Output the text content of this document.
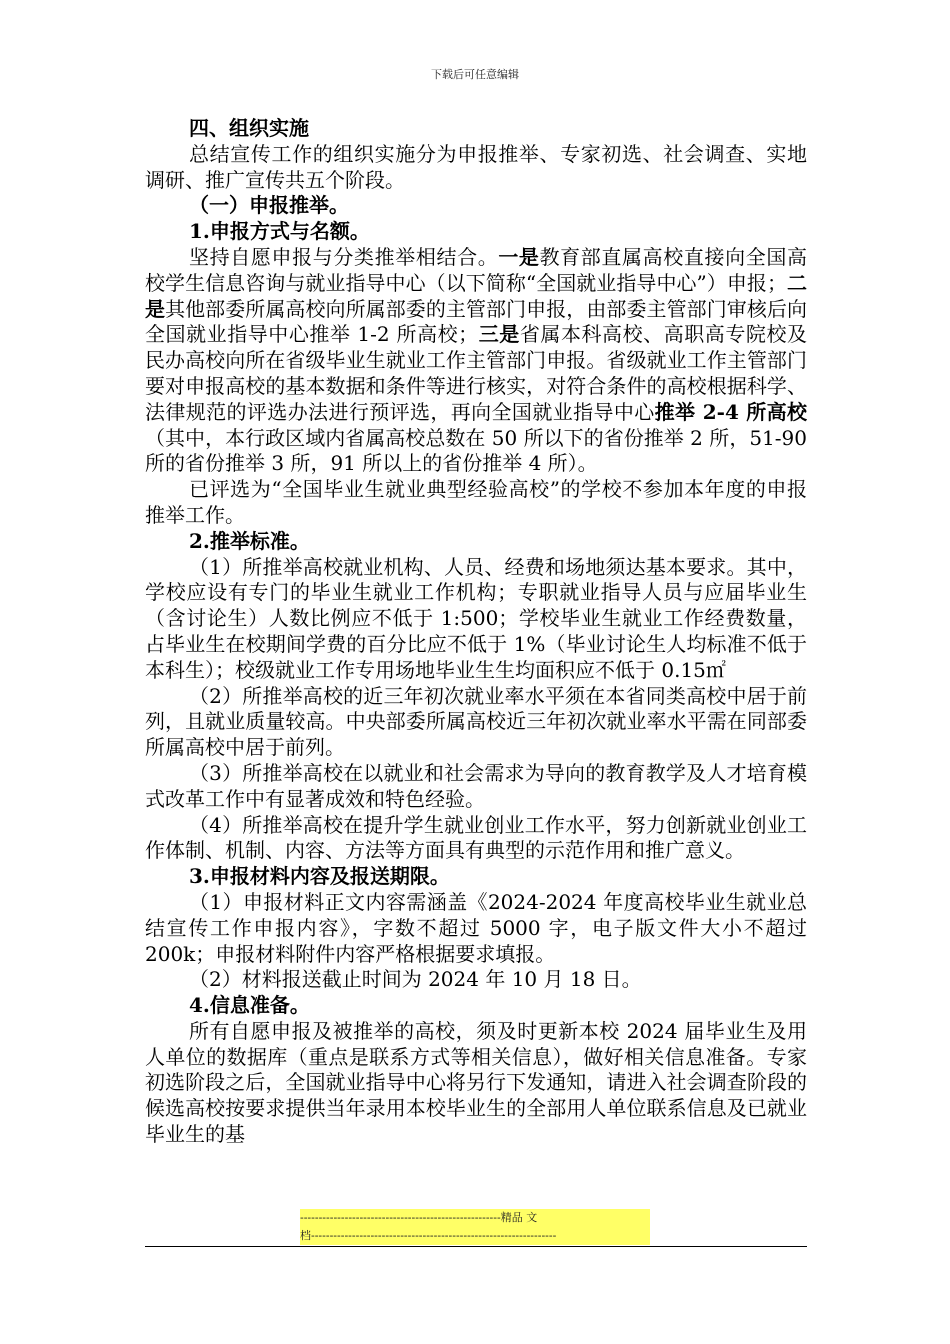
下载后可任意编辑

四、组织实施

总结宣传工作的组织实施分为申报推举、专家初选、社会调查、实地调研、推广宣传共五个阶段。

（一）申报推举。

1.申报方式与名额。

坚持自愿申报与分类推举相结合。一是教育部直属高校直接向全国高校学生信息咨询与就业指导中心（以下简称“全国就业指导中心”）申报；二是其他部委所属高校向所属部委的主管部门申报，由部委主管部门审核后向全国就业指导中心推举 1-2 所高校；三是省属本科高校、高职高专院校及民办高校向所在省级毕业生就业工作主管部门申报。省级就业工作主管部门要对申报高校的基本数据和条件等进行核实，对符合条件的高校根据科学、法律规范的评选办法进行预评选，再向全国就业指导中心推举 2-4 所高校（其中，本行政区域内省属高校总数在 50 所以下的省份推举 2 所，51-90 所的省份推举 3 所，91 所以上的省份推举 4 所）。

已评选为“全国毕业生就业典型经验高校”的学校不参加本年度的申报推举工作。

2.推举标准。

（1）所推举高校就业机构、人员、经费和场地须达基本要求。其中，学校应设有专门的毕业生就业工作机构；专职就业指导人员与应届毕业生（含讨论生）人数比例应不低于 1:500；学校毕业生就业工作经费数量，占毕业生在校期间学费的百分比应不低于 1%（毕业讨论生人均标准不低于本科生）；校级就业工作专用场地毕业生生均面积应不低于 0.15㎡

（2）所推举高校的近三年初次就业率水平须在本省同类高校中居于前列，且就业质量较高。中央部委所属高校近三年初次就业率水平需在同部委所属高校中居于前列。

（3）所推举高校在以就业和社会需求为导向的教育教学及人才培育模式改革工作中有显著成效和特色经验。

（4）所推举高校在提升学生就业创业工作水平，努力创新就业创业工作体制、机制、内容、方法等方面具有典型的示范作用和推广意义。

3.申报材料内容及报送期限。

（1）申报材料正文内容需涵盖《2024-2024 年度高校毕业生就业总结宣传工作申报内容》，字数不超过 5000 字，电子版文件大小不超过 200k；申报材料附件内容严格根据要求填报。

（2）材料报送截止时间为 2024 年 10 月 18 日。

4.信息准备。

所有自愿申报及被推举的高校，须及时更新本校 2024 届毕业生及用人单位的数据库（重点是联系方式等相关信息），做好相关信息准备。专家初选阶段之后，全国就业指导中心将另行下发通知，请进入社会调查阶段的候选高校按要求提供当年录用本校毕业生的全部用人单位联系信息及已就业毕业生的基

------------------------------------------------------精品 文
档------------------------------------------------------------------
